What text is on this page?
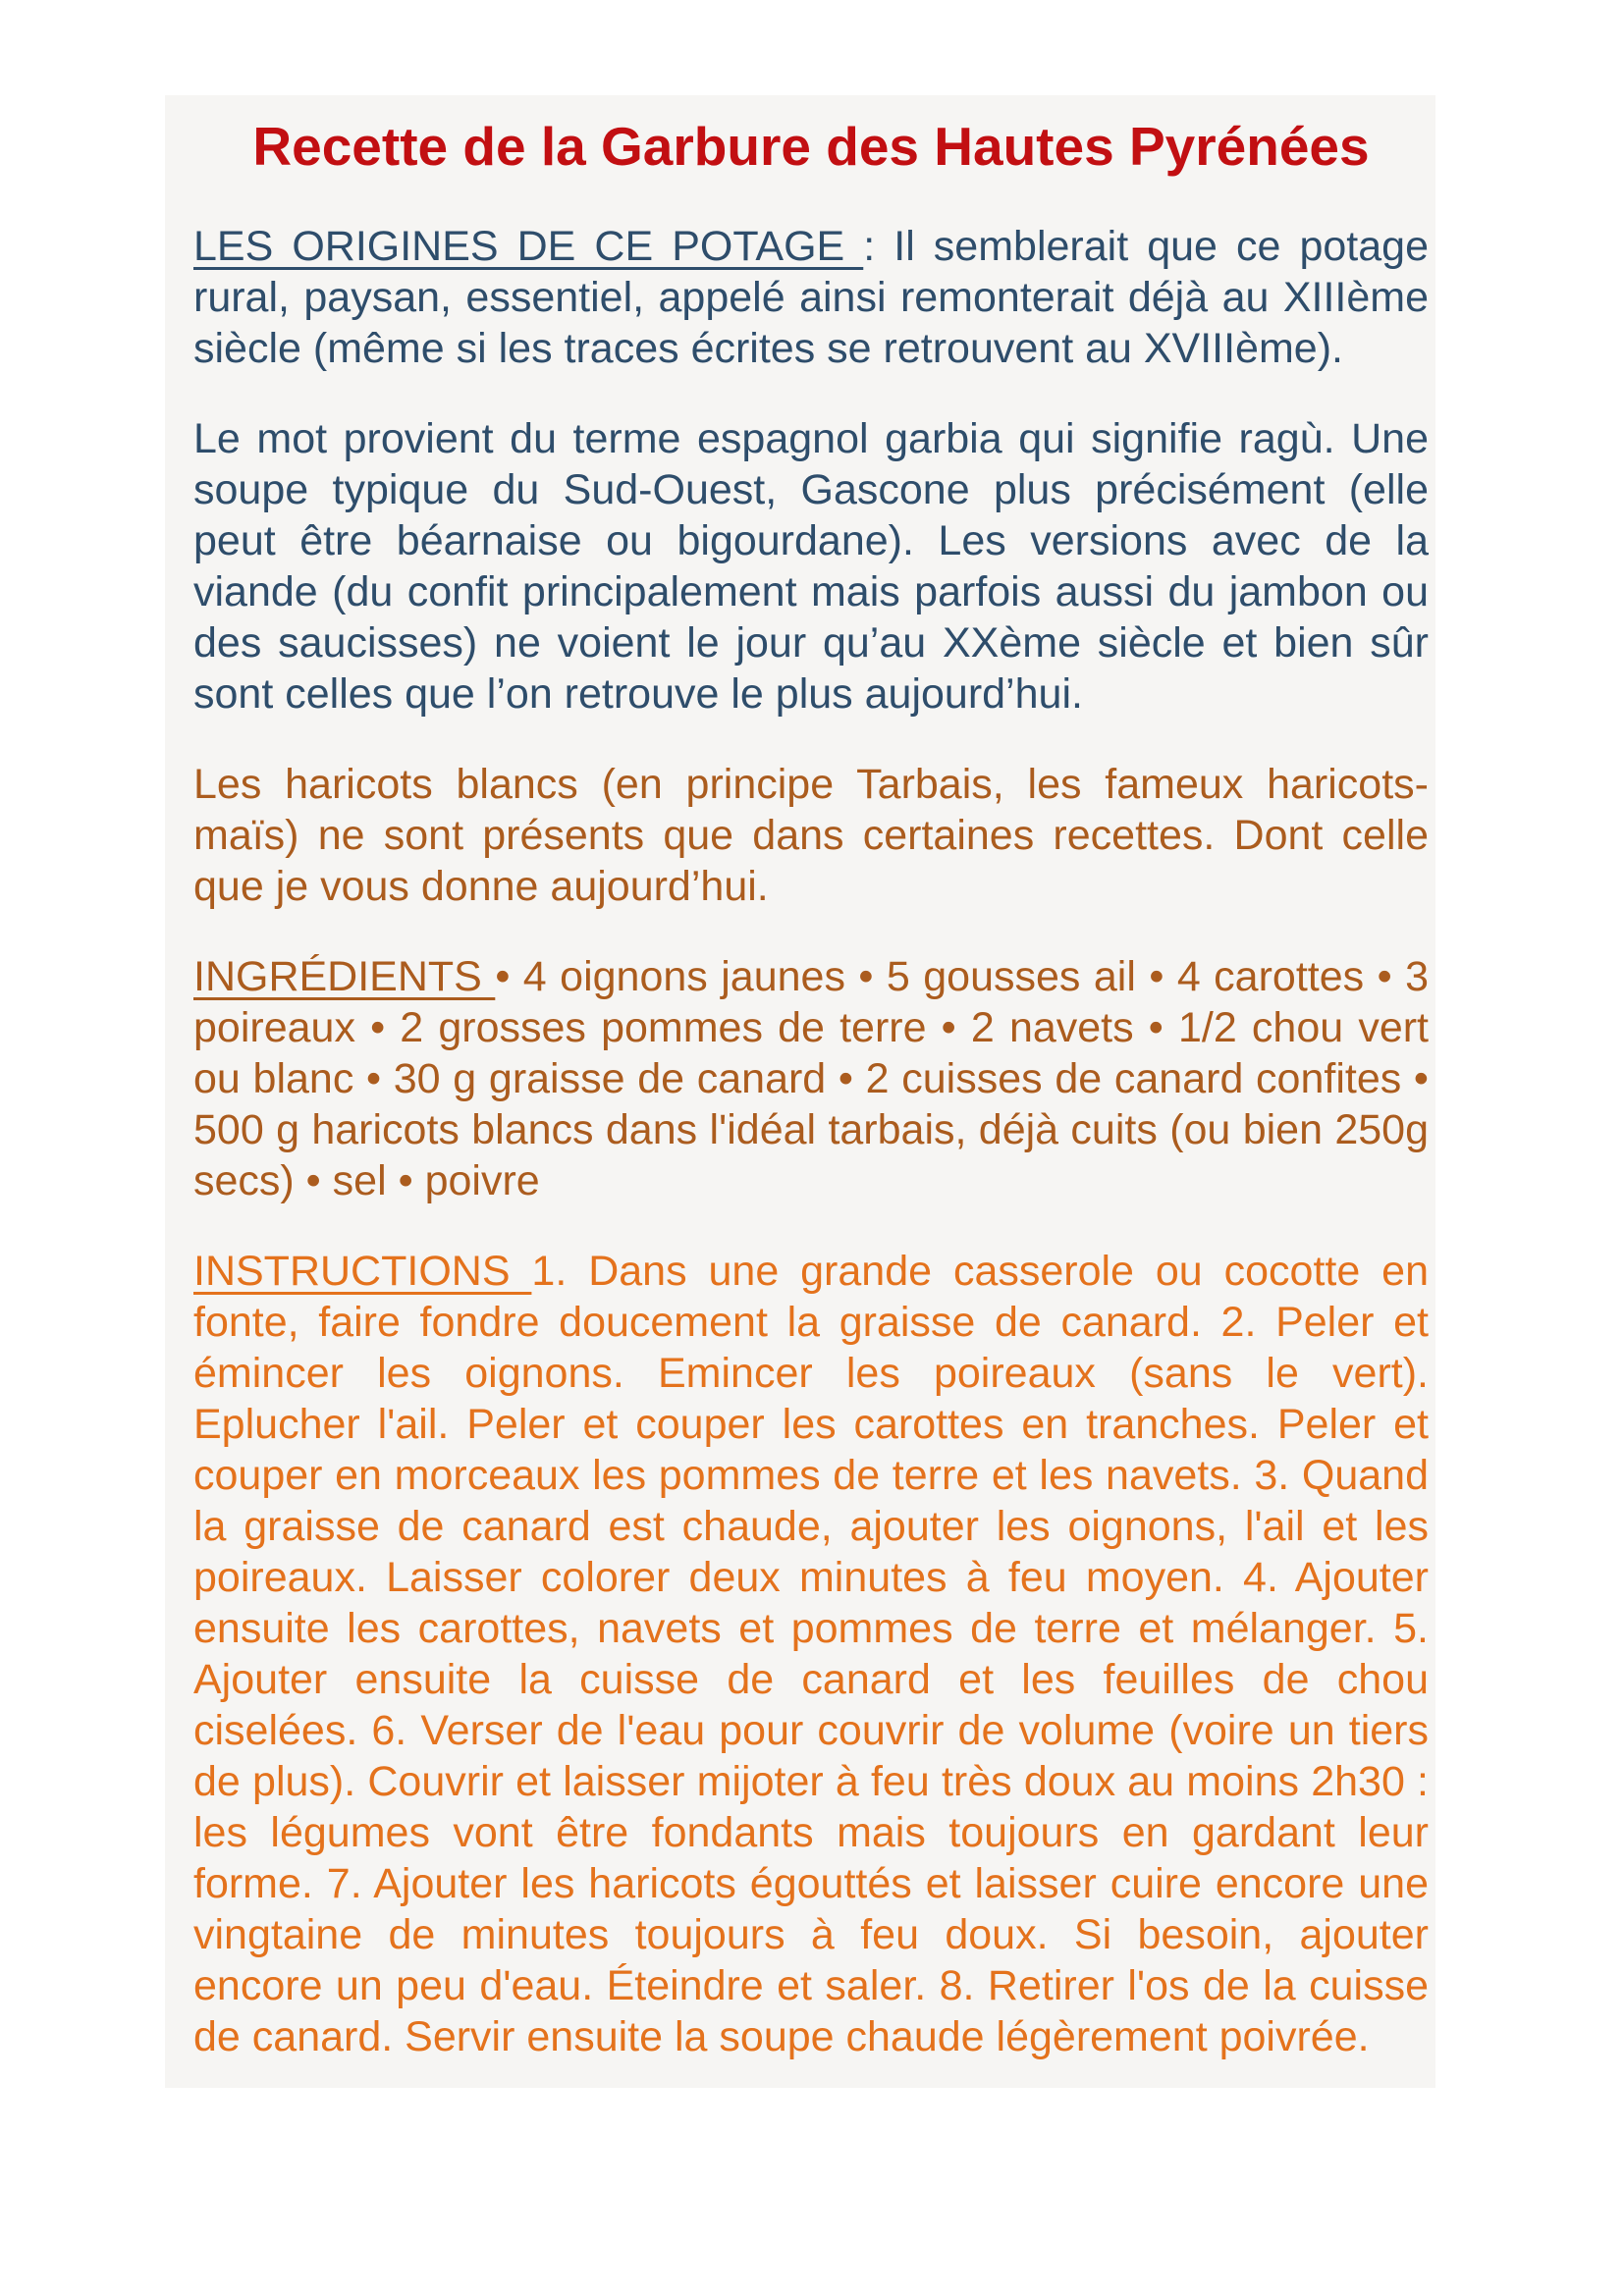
Recette de la Garbure des Hautes Pyrénées

LES ORIGINES DE CE POTAGE : Il semblerait que ce potage rural, paysan, essentiel, appelé ainsi remonterait déjà au XIIIème siècle (même si les traces écrites se retrouvent au XVIIIème).

Le mot provient du terme espagnol garbia qui signifie ragù. Une soupe typique du Sud-Ouest, Gascone plus précisément (elle peut être béarnaise ou bigourdane). Les versions avec de la viande (du confit principalement mais parfois aussi du jambon ou des saucisses) ne voient le jour qu’au XXème siècle et bien sûr sont celles que l’on retrouve le plus aujourd’hui.

Les haricots blancs (en principe Tarbais, les fameux haricots-maïs) ne sont présents que dans certaines recettes. Dont celle que je vous donne aujourd’hui.

INGRÉDIENTS • 4 oignons jaunes • 5 gousses ail • 4 carottes • 3 poireaux • 2 grosses pommes de terre • 2 navets • 1/2 chou vert ou blanc • 30 g graisse de canard • 2 cuisses de canard confites • 500 g haricots blancs dans l'idéal tarbais, déjà cuits (ou bien 250g secs) • sel • poivre

INSTRUCTIONS 1. Dans une grande casserole ou cocotte en fonte, faire fondre doucement la graisse de canard. 2. Peler et émincer les oignons. Emincer les poireaux (sans le vert). Eplucher l'ail. Peler et couper les carottes en tranches. Peler et couper en morceaux les pommes de terre et les navets. 3. Quand la graisse de canard est chaude, ajouter les oignons, l'ail et les poireaux. Laisser colorer deux minutes à feu moyen. 4. Ajouter ensuite les carottes, navets et pommes de terre et mélanger. 5. Ajouter ensuite la cuisse de canard et les feuilles de chou ciselées. 6. Verser de l'eau pour couvrir de volume (voire un tiers de plus). Couvrir et laisser mijoter à feu très doux au moins 2h30 : les légumes vont être fondants mais toujours en gardant leur forme. 7. Ajouter les haricots égouttés et laisser cuire encore une vingtaine de minutes toujours à feu doux. Si besoin, ajouter encore un peu d'eau. Éteindre et saler. 8. Retirer l'os de la cuisse de canard. Servir ensuite la soupe chaude légèrement poivrée.
